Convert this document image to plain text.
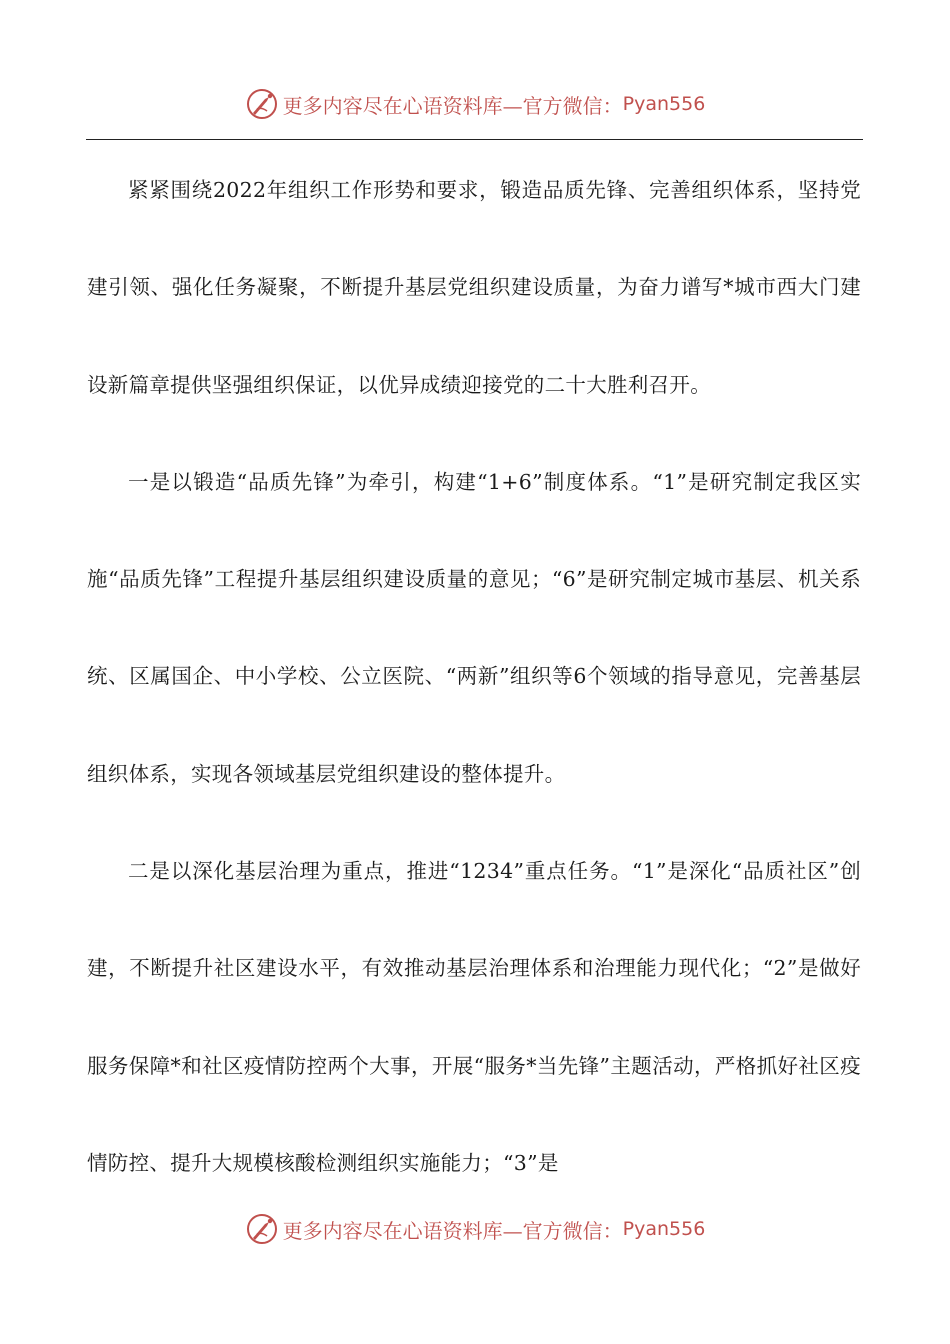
更多内容尽在心语资料库—官方微信： Pyan556

紧紧围绕2022年组织工作形势和要求，锻造品质先锋、完善组织体系，坚持党建引领、强化任务凝聚，不断提升基层党组织建设质量，为奋力谱写*城市西大门建设新篇章提供坚强组织保证，以优异成绩迎接党的二十大胜利召开。

一是以锻造“品质先锋”为牵引，构建“1+6”制度体系。“1”是研究制定我区实施“品质先锋”工程提升基层组织建设质量的意见；“6”是研究制定城市基层、机关系统、区属国企、中小学校、公立医院、“两新”组织等6个领域的指导意见，完善基层组织体系，实现各领域基层党组织建设的整体提升。

二是以深化基层治理为重点，推进“1234”重点任务。“1”是深化“品质社区”创建，不断提升社区建设水平，有效推动基层治理体系和治理能力现代化；“2”是做好服务保障*和社区疫情防控两个大事，开展“服务*当先锋”主题活动，严格抓好社区疫情防控、提升大规模核酸检测组织实施能力；“3”是

更多内容尽在心语资料库—官方微信： Pyan556
